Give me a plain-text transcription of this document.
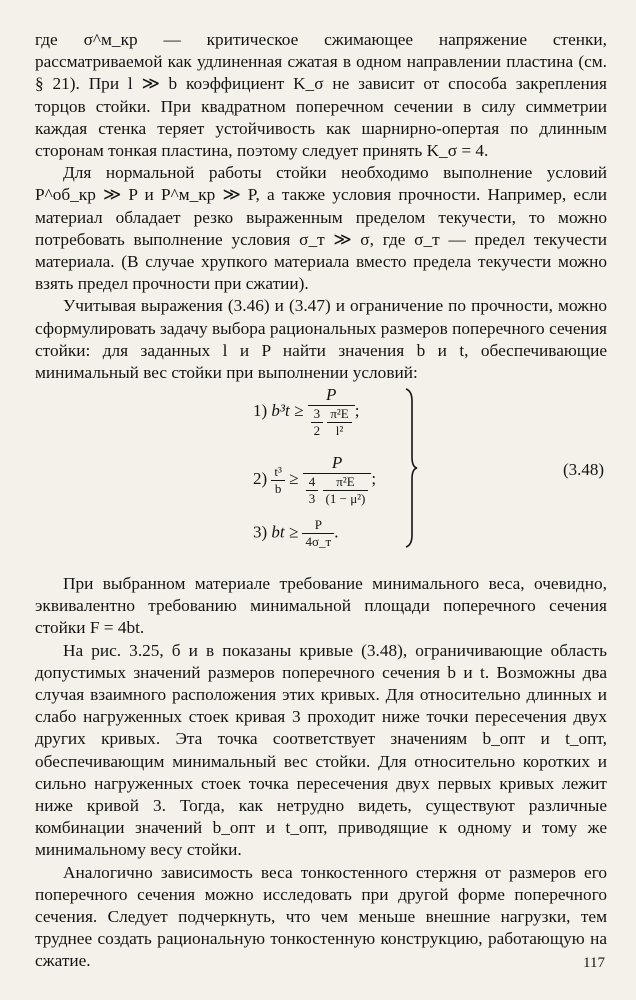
где σ^м_кр — критическое сжимающее напряжение стенки, рассматриваемой как удлиненная сжатая в одном направлении пластина (см. § 21). При l ≫ b коэффициент K_σ не зависит от способа закрепления торцов стойки. При квадратном поперечном сечении в силу симметрии каждая стенка теряет устойчивость как шарнирно-опертая по длинным сторонам тонкая пластина, поэтому следует принять K_σ = 4.

Для нормальной работы стойки необходимо выполнение условий P^об_кр ≫ P и P^м_кр ≫ P, а также условия прочности. Например, если материал обладает резко выраженным пределом текучести, то можно потребовать выполнение условия σ_т ≫ σ, где σ_т — предел текучести материала. (В случае хрупкого материала вместо предела текучести можно взять предел прочности при сжатии).

Учитывая выражения (3.46) и (3.47) и ограничение по прочности, можно сформулировать задачу выбора рациональных размеров поперечного сечения стойки: для заданных l и P найти значения b и t, обеспечивающие минимальный вес стойки при выполнении условий:

1) b³t ≥ P
$\frac{3}{2}$
$\frac{\text{π²E}}{\text{l²}}$ ;
$2) \frac{\text{t³}}{b} \ge P$
$\frac{4}{3}$
$\frac{\text{π²E}}{\text{(1 − μ²)}}$ ;
3) bt ≥ $\frac{P}{4\sigma\_т}$ .
(3.48)

При выбранном материале требование минимального веса, очевидно, эквивалентно требованию минимальной площади поперечного сечения стойки F = 4bt.

На рис. 3.25, б и в показаны кривые (3.48), ограничивающие область допустимых значений размеров поперечного сечения b и t. Возможны два случая взаимного расположения этих кривых. Для относительно длинных и слабо нагруженных стоек кривая 3 проходит ниже точки пересечения двух других кривых. Эта точка соответствует значениям b_опт и t_опт, обеспечивающим минимальный вес стойки. Для относительно коротких и сильно нагруженных стоек точка пересечения двух первых кривых лежит ниже кривой 3. Тогда, как нетрудно видеть, существуют различные комбинации значений b_опт и t_опт, приводящие к одному и тому же минимальному весу стойки.

Аналогично зависимость веса тонкостенного стержня от размеров его поперечного сечения можно исследовать при другой форме поперечного сечения. Следует подчеркнуть, что чем меньше внешние нагрузки, тем труднее создать рациональную тонкостенную конструкцию, работающую на сжатие.	117
